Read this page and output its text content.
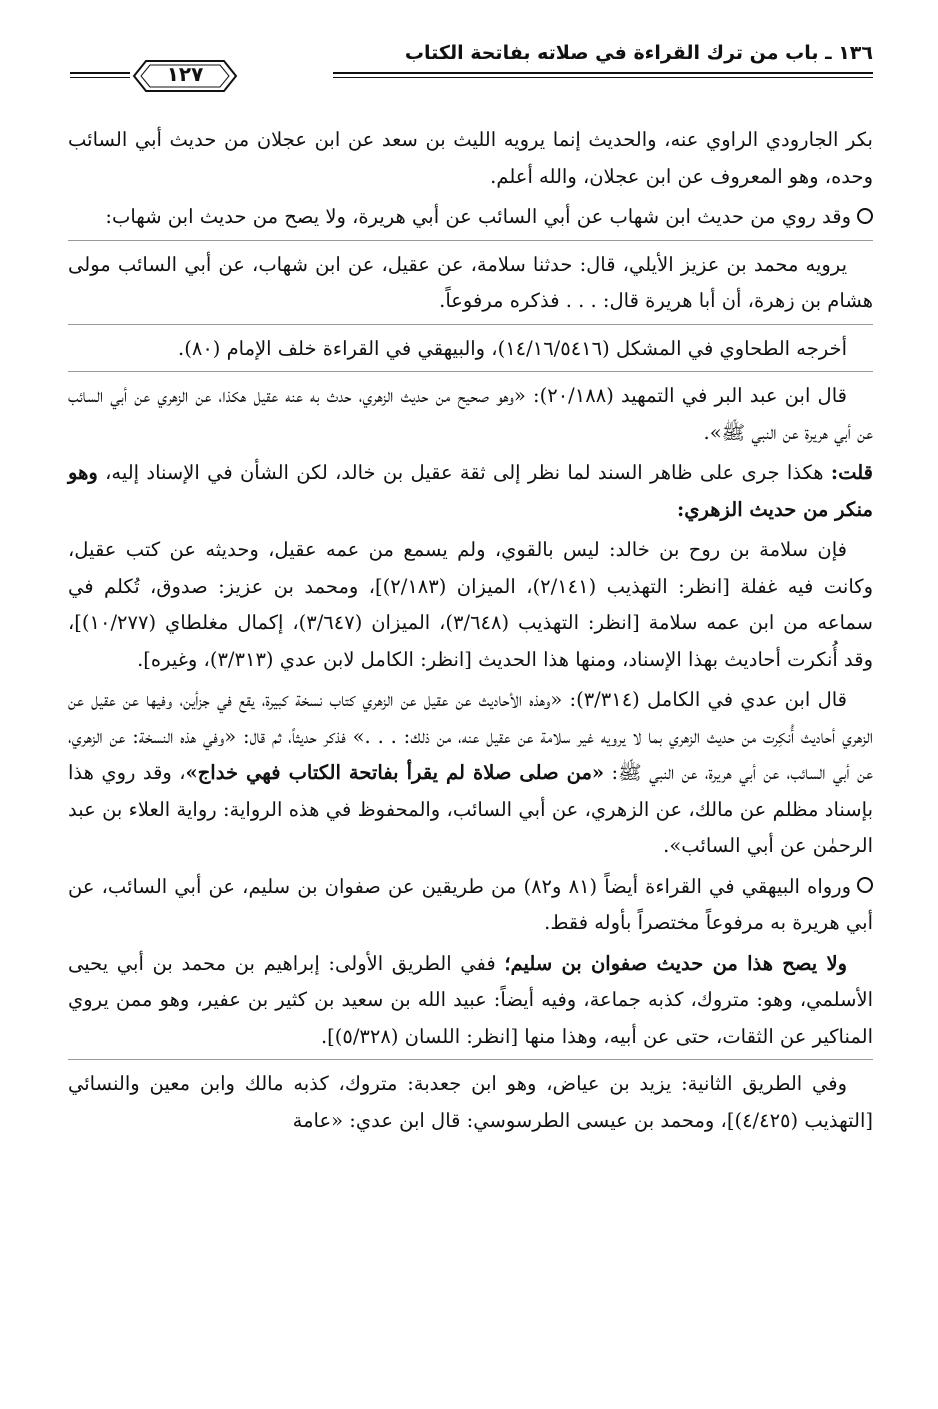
١٣٦ ـ باب من ترك القراءة في صلاته بفاتحة الكتاب
١٢٧

بكر الجارودي الراوي عنه، والحديث إنما يرويه الليث بن سعد عن ابن عجلان من حديث أبي السائب وحده، وهو المعروف عن ابن عجلان، والله أعلم.

وقد روي من حديث ابن شهاب عن أبي السائب عن أبي هريرة، ولا يصح من حديث ابن شهاب:

يرويه محمد بن عزيز الأيلي، قال: حدثنا سلامة، عن عقيل، عن ابن شهاب، عن أبي السائب مولى هشام بن زهرة، أن أبا هريرة قال: . . . فذكره مرفوعاً.

أخرجه الطحاوي في المشكل (١٤/١٦/٥٤١٦)، والبيهقي في القراءة خلف الإمام (٨٠).

قال ابن عبد البر في التمهيد (٢٠/١٨٨): «وهو صحيح من حديث الزهري، حدث به عنه عقيل هكذا، عن الزهري عن أبي السائب عن أبي هريرة عن النبي ﷺ».

قلت: هكذا جرى على ظاهر السند لما نظر إلى ثقة عقيل بن خالد، لكن الشأن في الإسناد إليه، وهو منكر من حديث الزهري:

فإن سلامة بن روح بن خالد: ليس بالقوي، ولم يسمع من عمه عقيل، وحديثه عن كتب عقيل، وكانت فيه غفلة [انظر: التهذيب (٢/١٤١)، الميزان (٢/١٨٣)]، ومحمد بن عزيز: صدوق، تُكلم في سماعه من ابن عمه سلامة [انظر: التهذيب (٣/٦٤٨)، الميزان (٣/٦٤٧)، إكمال مغلطاي (١٠/٢٧٧)]، وقد أُنكرت أحاديث بهذا الإسناد، ومنها هذا الحديث [انظر: الكامل لابن عدي (٣/٣١٣)، وغيره].

قال ابن عدي في الكامل (٣/٣١٤): «وهذه الأحاديث عن عقيل عن الزهري كتاب نسخة كبيرة، يقع في جزأين، وفيها عن عقيل عن الزهري أحاديث أُنكِرت من حديث الزهري بما لا يرويه غير سلامة عن عقيل عنه، من ذلك: . . .» فذكر حديثاً، ثم قال: «وفي هذه النسخة: عن الزهري، عن أبي السائب، عن أبي هريرة، عن النبي ﷺ: «من صلى صلاة لم يقرأ بفاتحة الكتاب فهي خداج»، وقد روي هذا بإسناد مظلم عن مالك، عن الزهري، عن أبي السائب، والمحفوظ في هذه الرواية: رواية العلاء بن عبد الرحمٰن عن أبي السائب».

ورواه البيهقي في القراءة أيضاً (٨١ و٨٢) من طريقين عن صفوان بن سليم، عن أبي السائب، عن أبي هريرة به مرفوعاً مختصراً بأوله فقط.

ولا يصح هذا من حديث صفوان بن سليم؛ ففي الطريق الأولى: إبراهيم بن محمد بن أبي يحيى الأسلمي، وهو: متروك، كذبه جماعة، وفيه أيضاً: عبيد الله بن سعيد بن كثير بن عفير، وهو ممن يروي المناكير عن الثقات، حتى عن أبيه، وهذا منها [انظر: اللسان (٥/٣٢٨)].

وفي الطريق الثانية: يزيد بن عياض، وهو ابن جعدبة: متروك، كذبه مالك وابن معين والنسائي [التهذيب (٤/٤٢٥)]، ومحمد بن عيسى الطرسوسي: قال ابن عدي: «عامة
